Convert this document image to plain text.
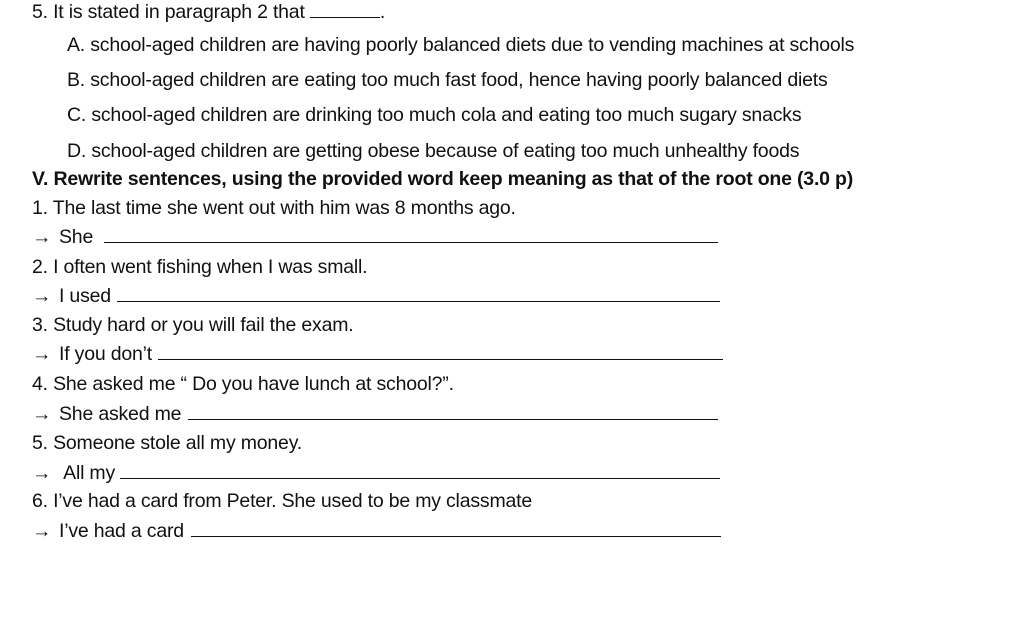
5. It is stated in paragraph 2 that	.
A. school-aged children are having poorly balanced diets due to vending machines at schools
B. school-aged children are eating too much fast food, hence having poorly balanced diets
C. school-aged children are drinking too much cola and eating too much sugary snacks
D. school-aged children are getting obese because of eating too much unhealthy foods
V. Rewrite sentences, using the provided word keep meaning as that of the root one (3.0 p)
1. The last time she went out with him was 8 months ago.
→ She
2. I often went fishing when I was small.
→ I used
3. Study hard or you will fail the exam.
→ If you don’t
4. She asked me “ Do you have lunch at school?”.
→ She asked me
5. Someone stole all my money.
→ All my
6. I’ve had a card from Peter. She used to be my classmate
→ I’ve had a card
